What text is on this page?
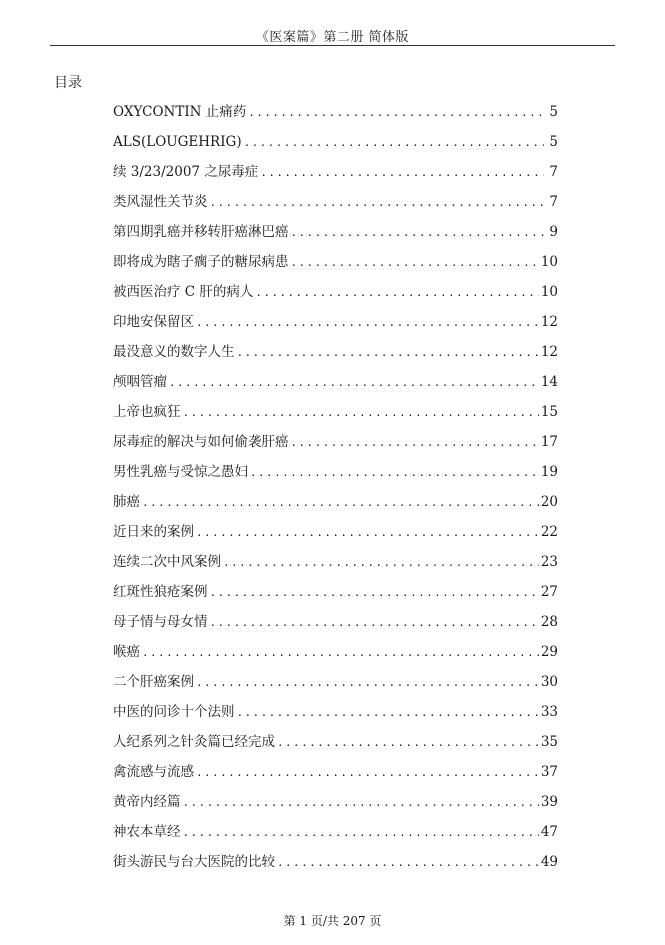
《医案篇》第二册 简体版
目录
OXYCONTIN 止痛药 .....	5
ALS(LOUGEHRIG) .....	5
续 3/23/2007 之尿毒症 .....	7
类风湿性关节炎 .....	7
第四期乳癌并移转肝癌淋巴癌 .....	9
即将成为瞎子瘸子的糖尿病患 .....	10
被西医治疗 C 肝的病人 .....	10
印地安保留区 .....	12
最没意义的数字人生 .....	12
颅咽管瘤 .....	14
上帝也疯狂 .....	15
尿毒症的解决与如何偷袭肝癌 .....	17
男性乳癌与受惊之愚妇 .....	19
肺癌 .....	20
近日来的案例 .....	22
连续二次中风案例 .....	23
红斑性狼疮案例 .....	27
母子情与母女情 .....	28
喉癌 .....	29
二个肝癌案例 .....	30
中医的问诊十个法则 .....	33
人纪系列之针灸篇已经完成 .....	35
禽流感与流感 .....	37
黄帝内经篇 .....	39
神农本草经 .....	47
街头游民与台大医院的比较 .....	49
第 1 页/共 207 页
